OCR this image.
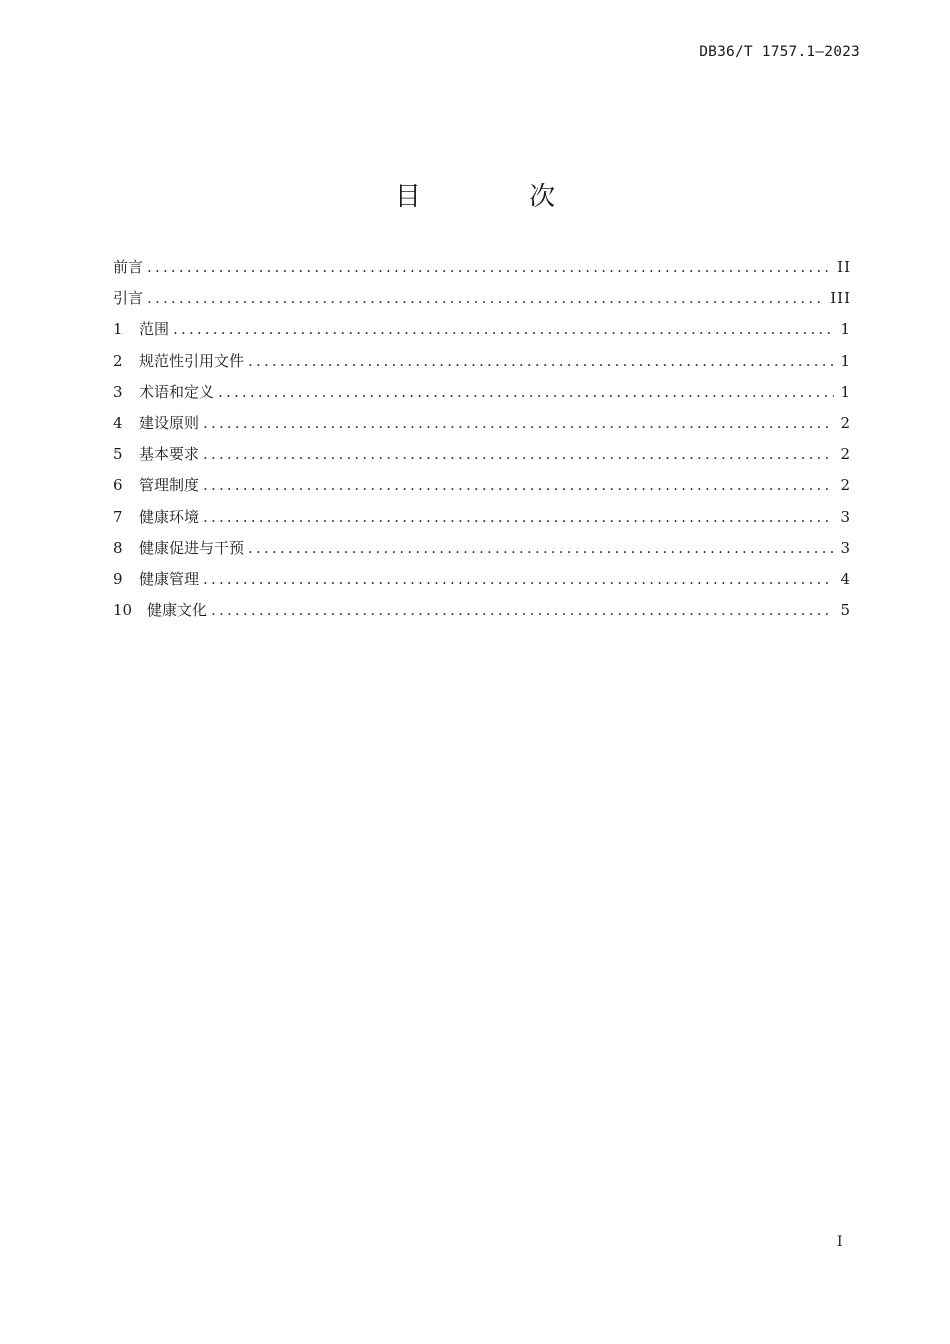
DB36/T 1757.1—2023
目 次
前言 .....	II
引言 .....	III
1	范围 .....	1
2	规范性引用文件 .....	1
3	术语和定义 .....	1
4	建设原则 .....	2
5	基本要求 .....	2
6	管理制度 .....	2
7	健康环境 .....	3
8	健康促进与干预 .....	3
9	健康管理 .....	4
10 健康文化 .....	5
I
